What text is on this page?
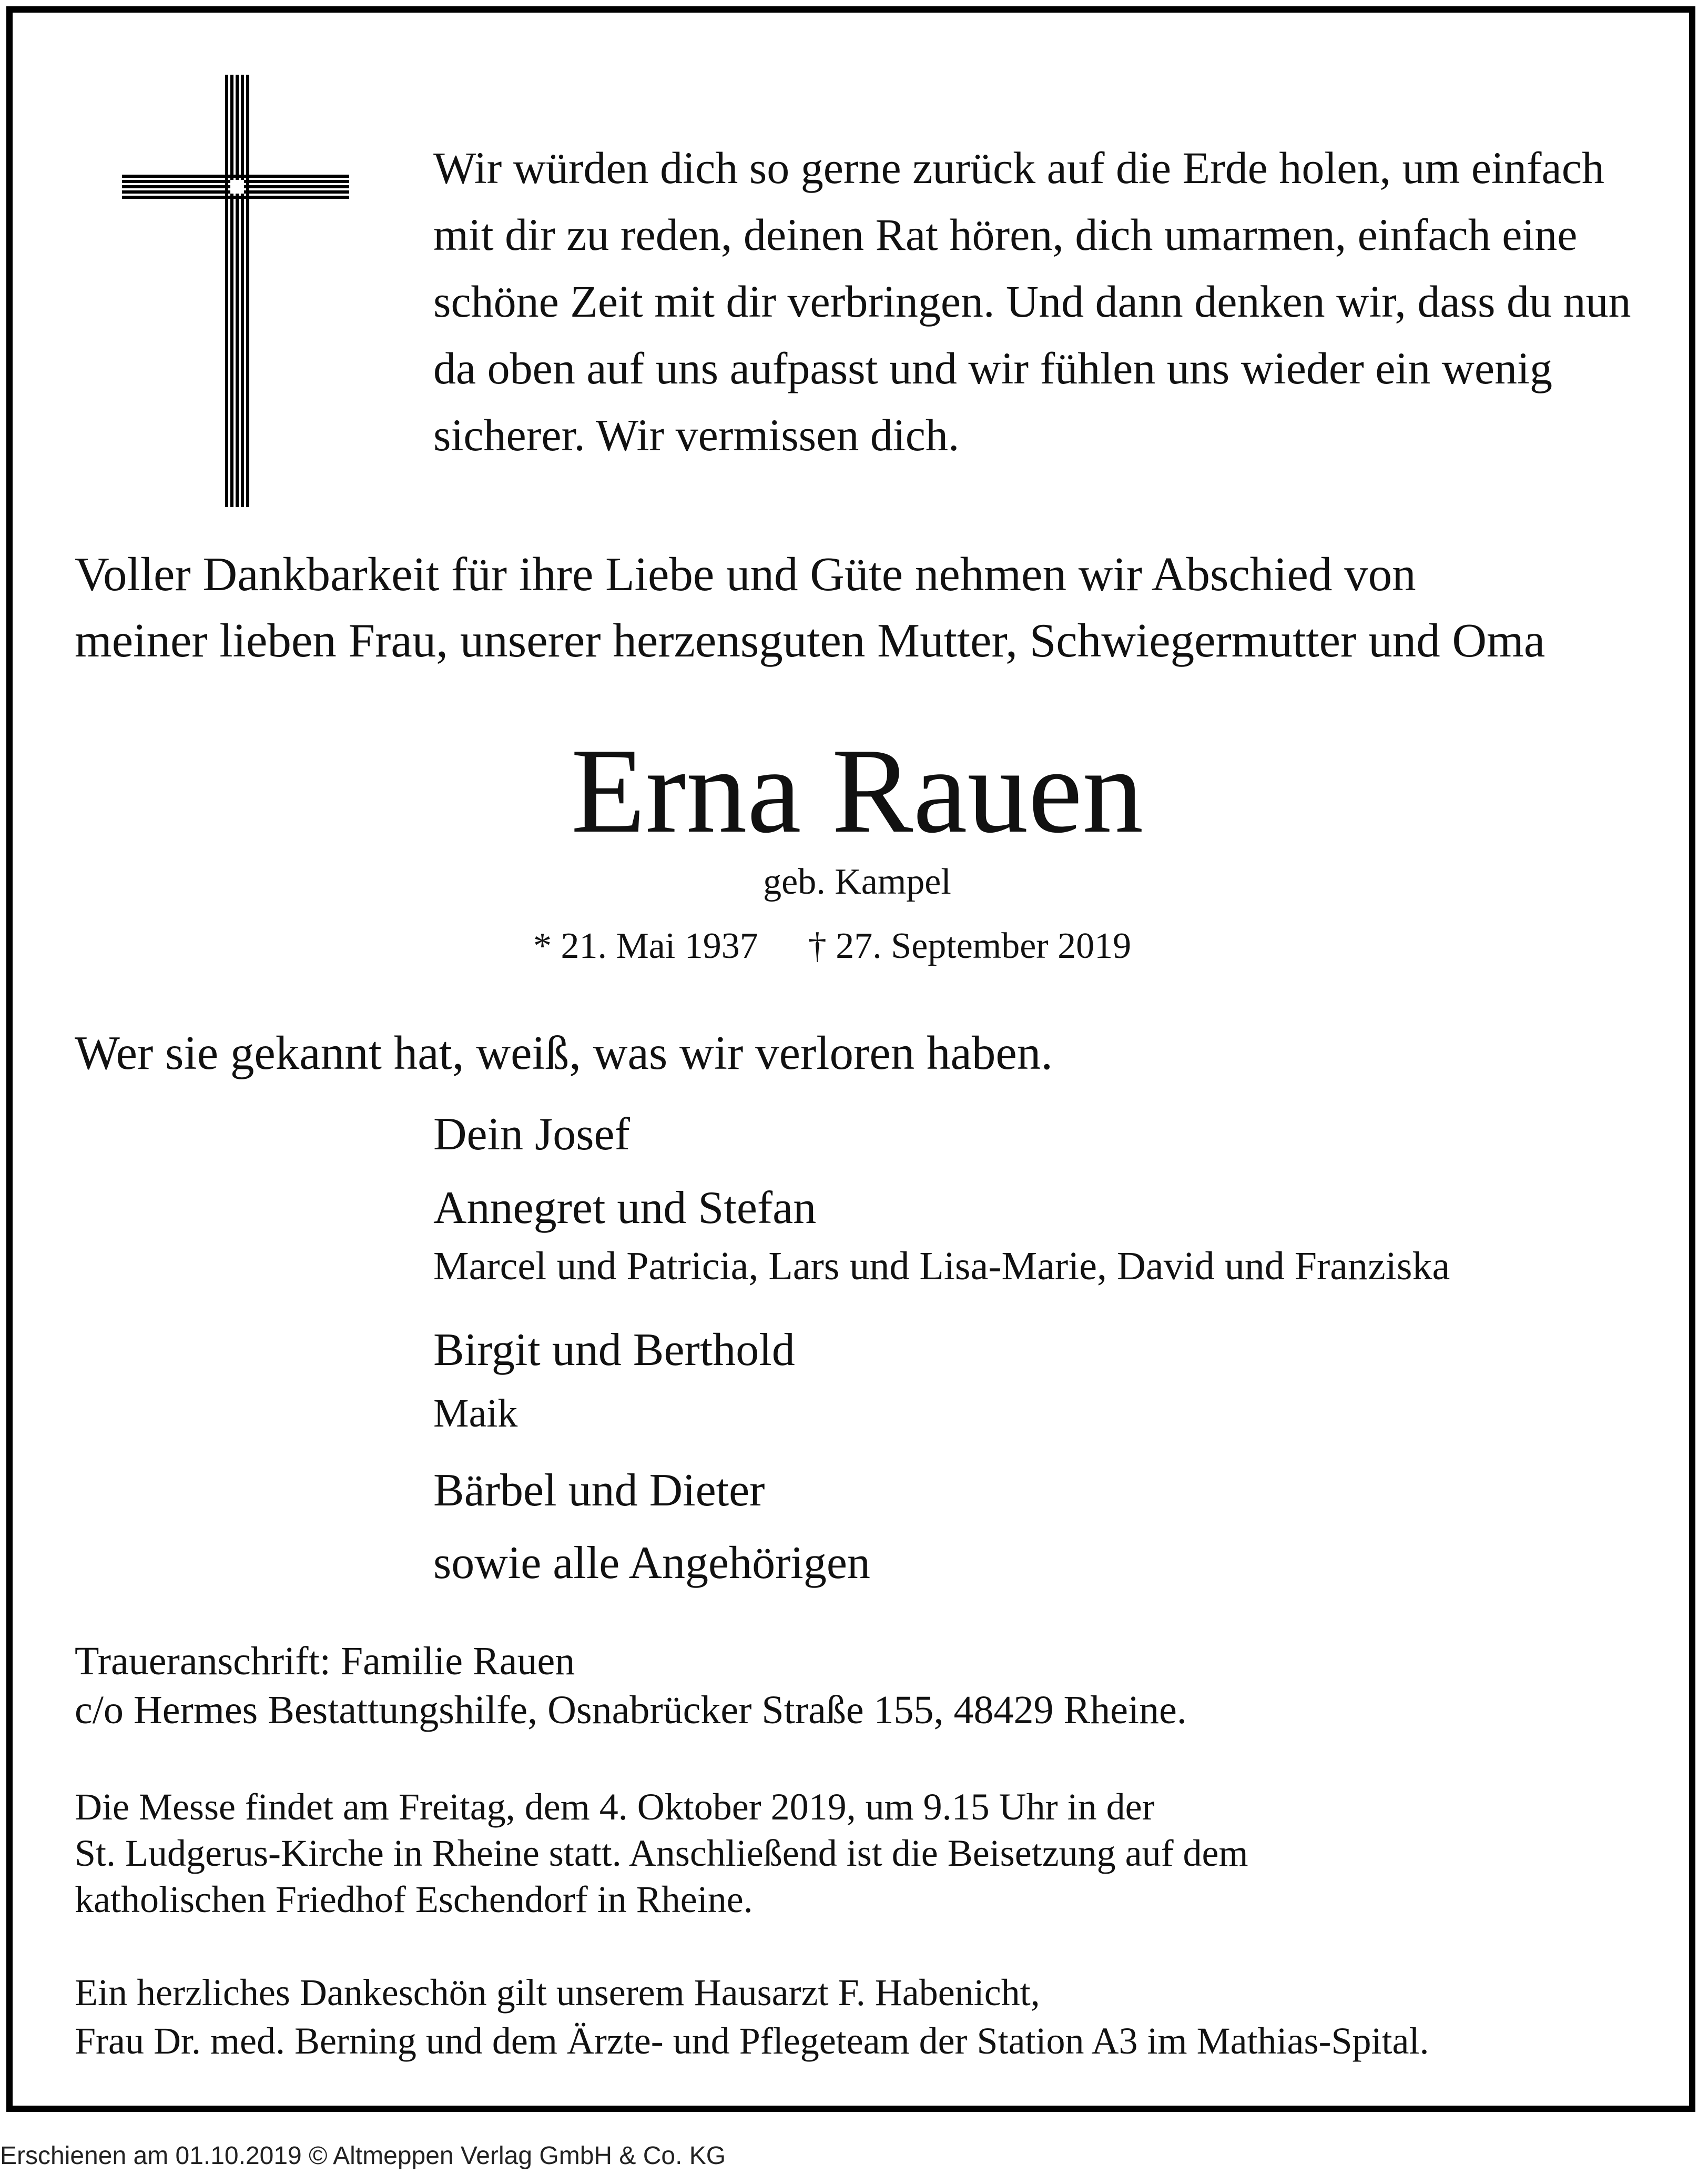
Wir würden dich so gerne zurück auf die Erde holen, um einfach
mit dir zu reden, deinen Rat hören, dich umarmen, einfach eine
schöne Zeit mit dir verbringen. Und dann denken wir, dass du nun
da oben auf uns aufpasst und wir fühlen uns wieder ein wenig
sicherer. Wir vermissen dich.
Voller Dankbarkeit für ihre Liebe und Güte nehmen wir Abschied von
meiner lieben Frau, unserer herzensguten Mutter, Schwiegermutter und Oma
Erna Rauen
geb. Kampel
* 21. Mai 1937 † 27. September 2019
Wer sie gekannt hat, weiß, was wir verloren haben.
Dein Josef
Annegret und Stefan
Marcel und Patricia, Lars und Lisa-Marie, David und Franziska
Birgit und Berthold
Maik
Bärbel und Dieter
sowie alle Angehörigen
Traueranschrift: Familie Rauen
c/o Hermes Bestattungshilfe, Osnabrücker Straße 155, 48429 Rheine.
Die Messe findet am Freitag, dem 4. Oktober 2019, um 9.15 Uhr in der
St. Ludgerus-Kirche in Rheine statt. Anschließend ist die Beisetzung auf dem
katholischen Friedhof Eschendorf in Rheine.
Ein herzliches Dankeschön gilt unserem Hausarzt F. Habenicht,
Frau Dr. med. Berning und dem Ärzte- und Pflegeteam der Station A3 im Mathias-Spital.
Erschienen am 01.10.2019 © Altmeppen Verlag GmbH & Co. KG
